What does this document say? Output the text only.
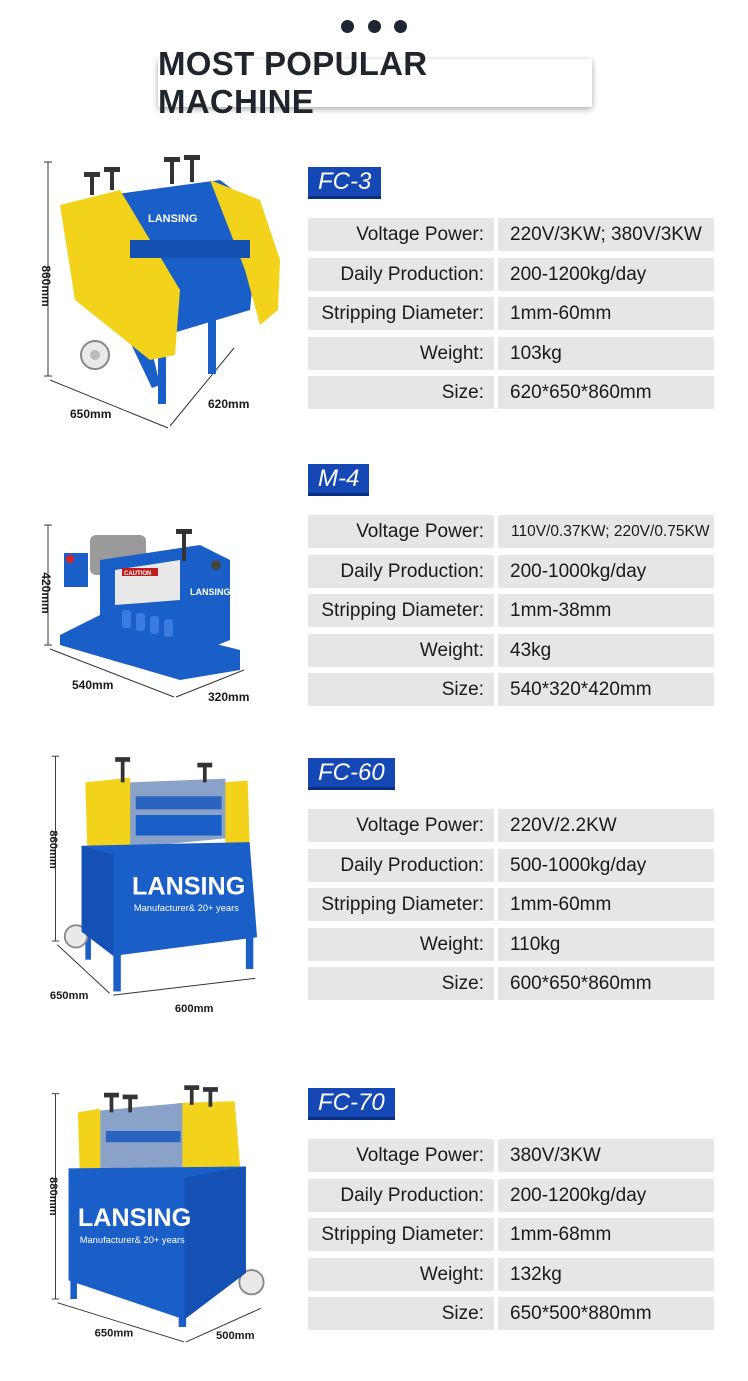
MOST POPULAR MACHINE
860mm
650mm
620mm
LANSING
FC-3
Voltage Power:	220V/3KW; 380V/3KW
Daily Production:	200-1200kg/day
Stripping Diameter:	1mm-60mm
Weight:	103kg
Size:	620*650*860mm
420mm
540mm
320mm
CAUTION
LANSING
M-4
Voltage Power:	110V/0.37KW; 220V/0.75KW
Daily Production:	200-1000kg/day
Stripping Diameter:	1mm-38mm
Weight:	43kg
Size:	540*320*420mm
860mm
650mm
600mm
LANSING
Manufacturer& 20+ years
FC-60
Voltage Power:	220V/2.2KW
Daily Production:	500-1000kg/day
Stripping Diameter:	1mm-60mm
Weight:	110kg
Size:	600*650*860mm
880mm
650mm	500mm
LANSING
Manufacturer& 20+ years
FC-70
Voltage Power:	380V/3KW
Daily Production:	200-1200kg/day
Stripping Diameter:	1mm-68mm
Weight:	132kg
Size:	650*500*880mm
